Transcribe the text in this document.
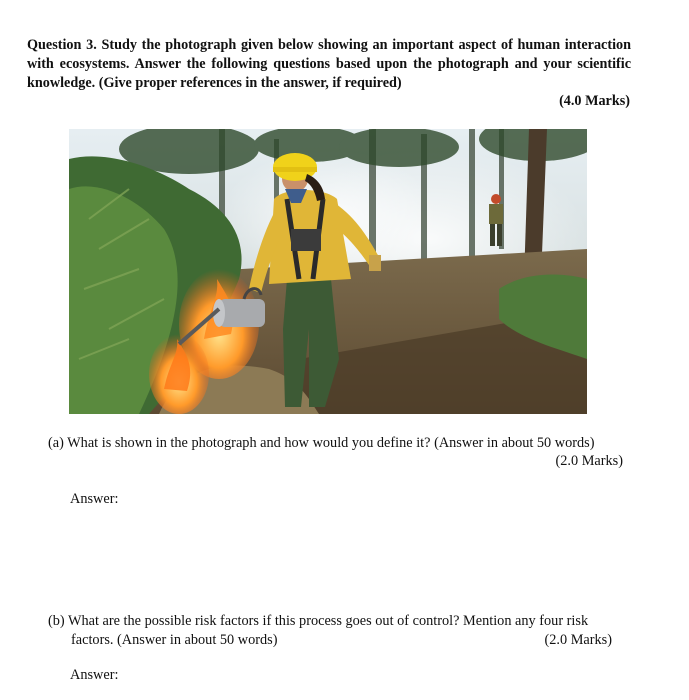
Question 3. Study the photograph given below showing an important aspect of human interaction with ecosystems. Answer the following questions based upon the photograph and your scientific knowledge. (Give proper references in the answer, if required)
(4.0 Marks)
(a) What is shown in the photograph and how would you define it? (Answer in about 50 words)
(2.0 Marks)
Answer:
(b) What are the possible risk factors if this process goes out of control? Mention any four risk
factors. (Answer in about 50 words)	(2.0 Marks)
Answer:
